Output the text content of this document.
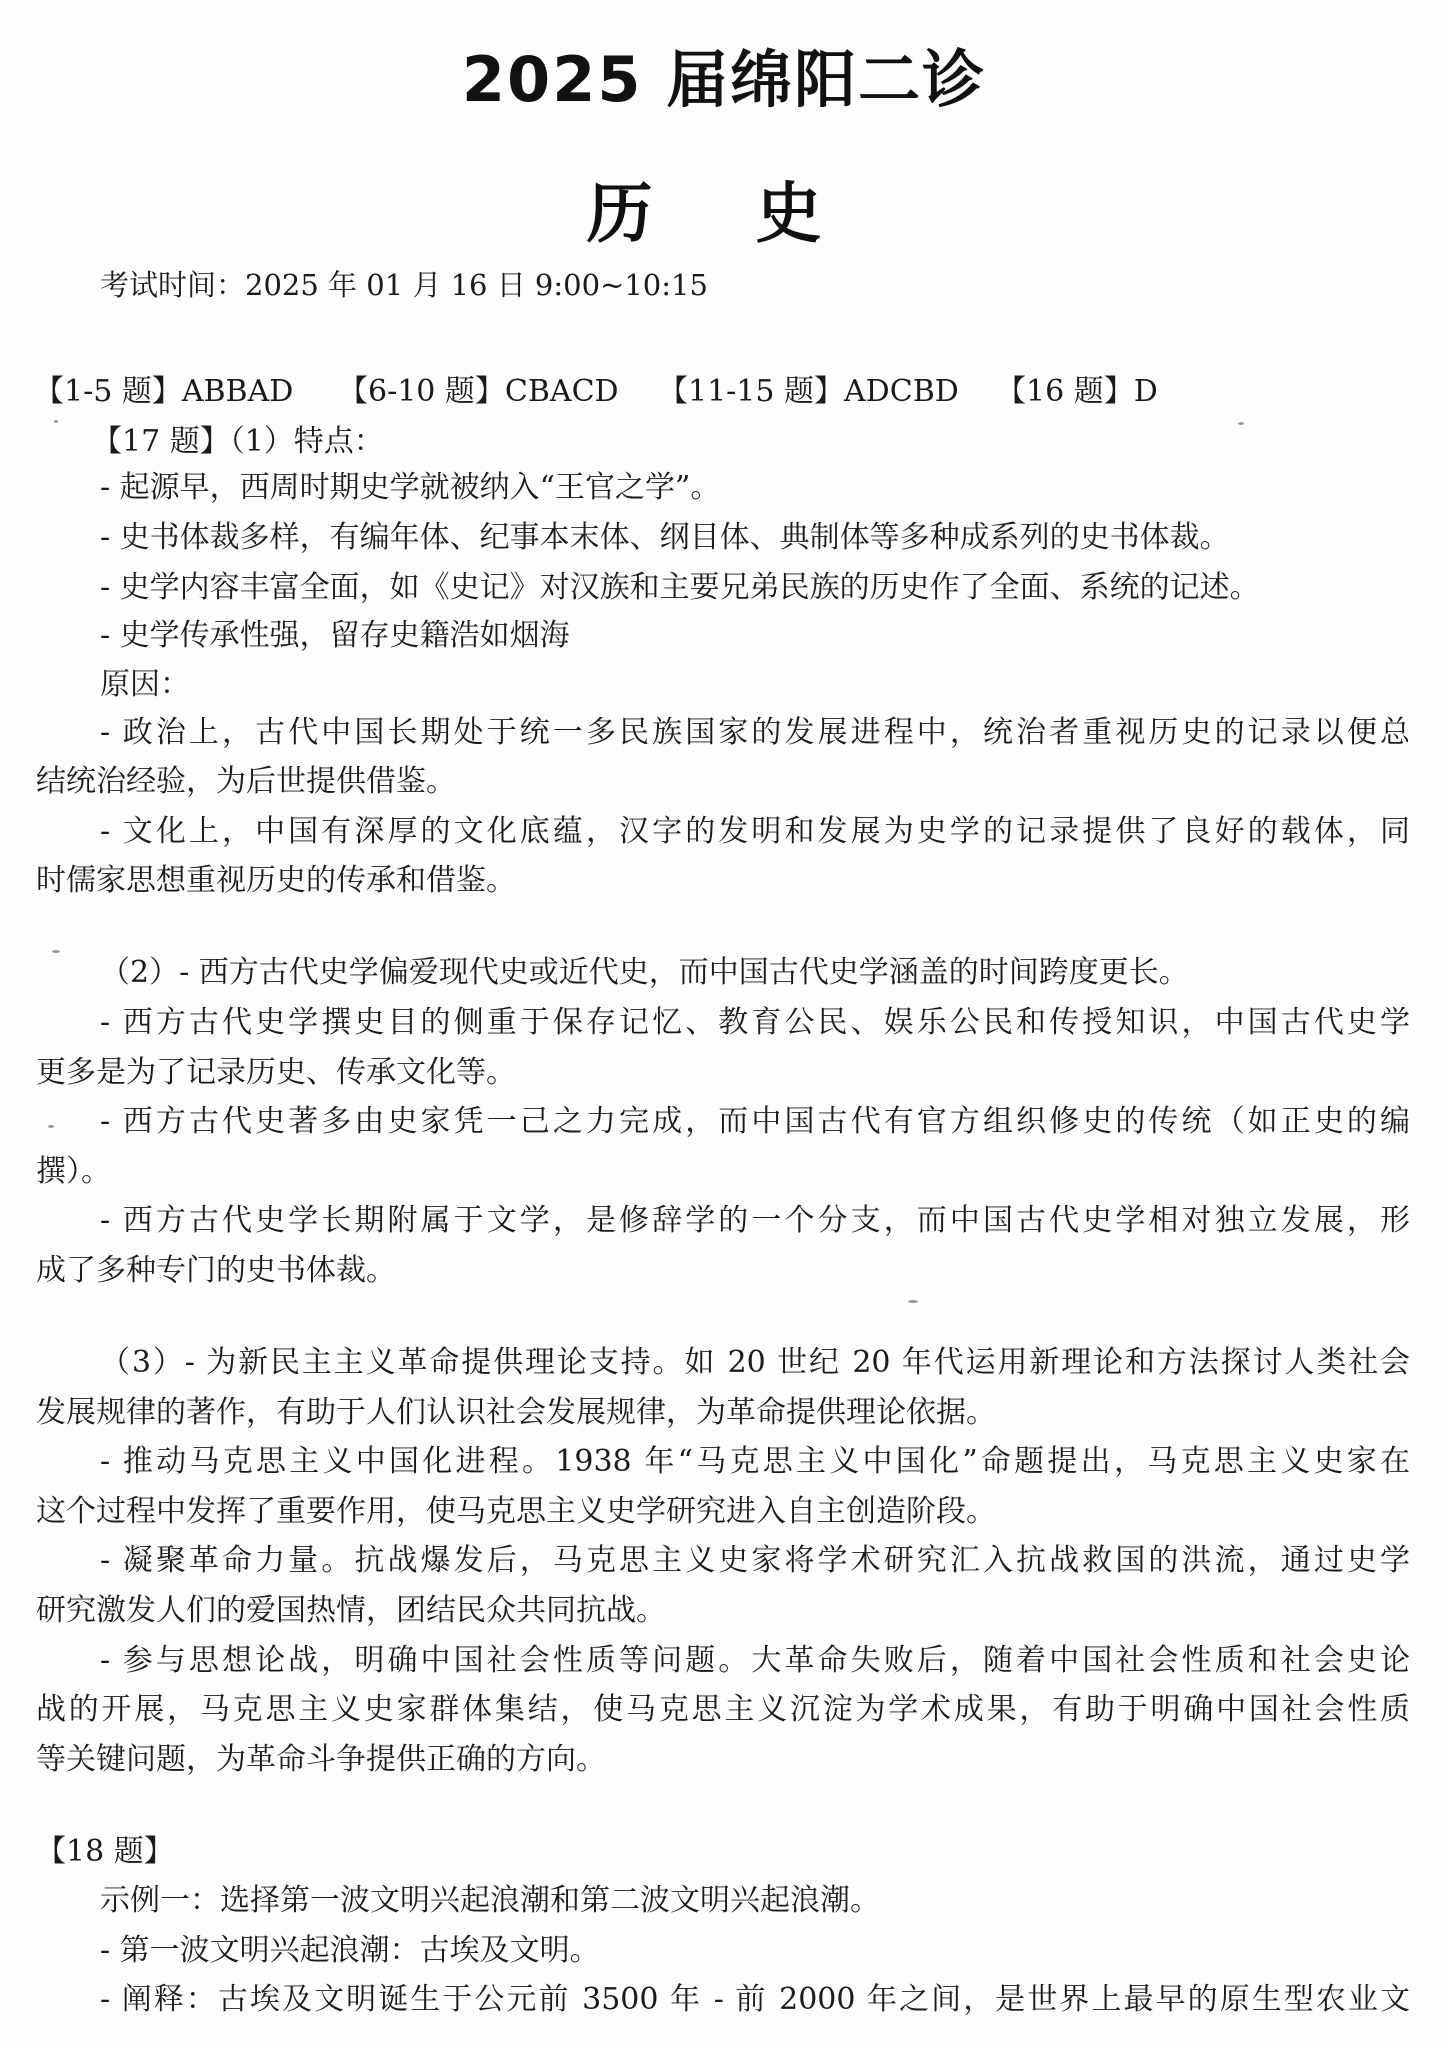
2025 届绵阳二诊
历 史
考试时间：2025 年 01 月 16 日 9:00~10:15
【1-5 题】ABBAD 【6-10 题】CBACD 【11-15 题】ADCBD 【16 题】D
【17 题】（1）特点：
- 起源早，西周时期史学就被纳入“王官之学”。
- 史书体裁多样，有编年体、纪事本末体、纲目体、典制体等多种成系列的史书体裁。
- 史学内容丰富全面，如《史记》对汉族和主要兄弟民族的历史作了全面、系统的记述。
- 史学传承性强，留存史籍浩如烟海
原因：
- 政治上，古代中国长期处于统一多民族国家的发展进程中，统治者重视历史的记录以便总
结统治经验，为后世提供借鉴。
- 文化上，中国有深厚的文化底蕴，汉字的发明和发展为史学的记录提供了良好的载体，同
时儒家思想重视历史的传承和借鉴。
（2）- 西方古代史学偏爱现代史或近代史，而中国古代史学涵盖的时间跨度更长。
- 西方古代史学撰史目的侧重于保存记忆、教育公民、娱乐公民和传授知识，中国古代史学
更多是为了记录历史、传承文化等。
- 西方古代史著多由史家凭一己之力完成，而中国古代有官方组织修史的传统（如正史的编
撰）。
- 西方古代史学长期附属于文学，是修辞学的一个分支，而中国古代史学相对独立发展，形
成了多种专门的史书体裁。
（3）- 为新民主主义革命提供理论支持。如 20 世纪 20 年代运用新理论和方法探讨人类社会
发展规律的著作，有助于人们认识社会发展规律，为革命提供理论依据。
- 推动马克思主义中国化进程。1938 年“马克思主义中国化”命题提出，马克思主义史家在
这个过程中发挥了重要作用，使马克思主义史学研究进入自主创造阶段。
- 凝聚革命力量。抗战爆发后，马克思主义史家将学术研究汇入抗战救国的洪流，通过史学
研究激发人们的爱国热情，团结民众共同抗战。
- 参与思想论战，明确中国社会性质等问题。大革命失败后，随着中国社会性质和社会史论
战的开展，马克思主义史家群体集结，使马克思主义沉淀为学术成果，有助于明确中国社会性质
等关键问题，为革命斗争提供正确的方向。
【18 题】
示例一：选择第一波文明兴起浪潮和第二波文明兴起浪潮。
- 第一波文明兴起浪潮：古埃及文明。
- 阐释：古埃及文明诞生于公元前 3500 年 - 前 2000 年之间，是世界上最早的原生型农业文
